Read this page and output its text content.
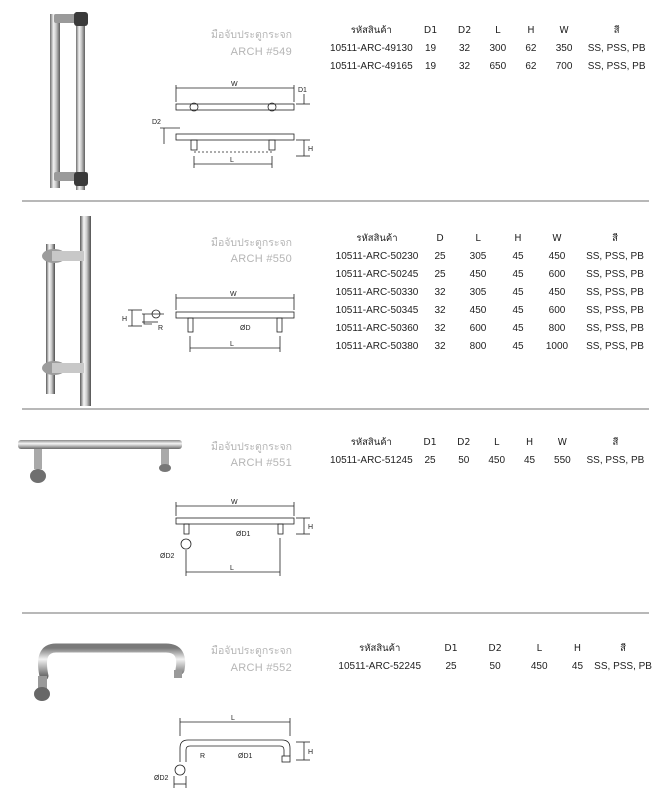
มือจับประตูกระจก
ARCH #549
รหัสสินค้า	D1	D2	L	H	W	สี
10511-ARC-49130	19	32	300	62	350	SS, PSS, PB
10511-ARC-49165	19	32	650	62	700	SS, PSS, PB
W
D1
D2
L
H
มือจับประตูกระจก
ARCH #550
รหัสสินค้า	D	L	H	W	สี
10511-ARC-50230	25	305	45	450	SS, PSS, PB
10511-ARC-50245	25	450	45	600	SS, PSS, PB
10511-ARC-50330	32	305	45	450	SS, PSS, PB
10511-ARC-50345	32	450	45	600	SS, PSS, PB
10511-ARC-50360	32	600	45	800	SS, PSS, PB
10511-ARC-50380	32	800	45	1000	SS, PSS, PB
W
ØD
L
H
R
มือจับประตูกระจก
ARCH #551
รหัสสินค้า	D1	D2	L	H	W	สี
10511-ARC-51245	25	50	450	45	550	SS, PSS, PB
W
ØD1
ØD2
L
H
มือจับประตูกระจก
ARCH #552
รหัสสินค้า	D1	D2	L	H	สี
10511-ARC-52245	25	50	450	45	SS, PSS, PB
L
R	ØD1
H
ØD2
